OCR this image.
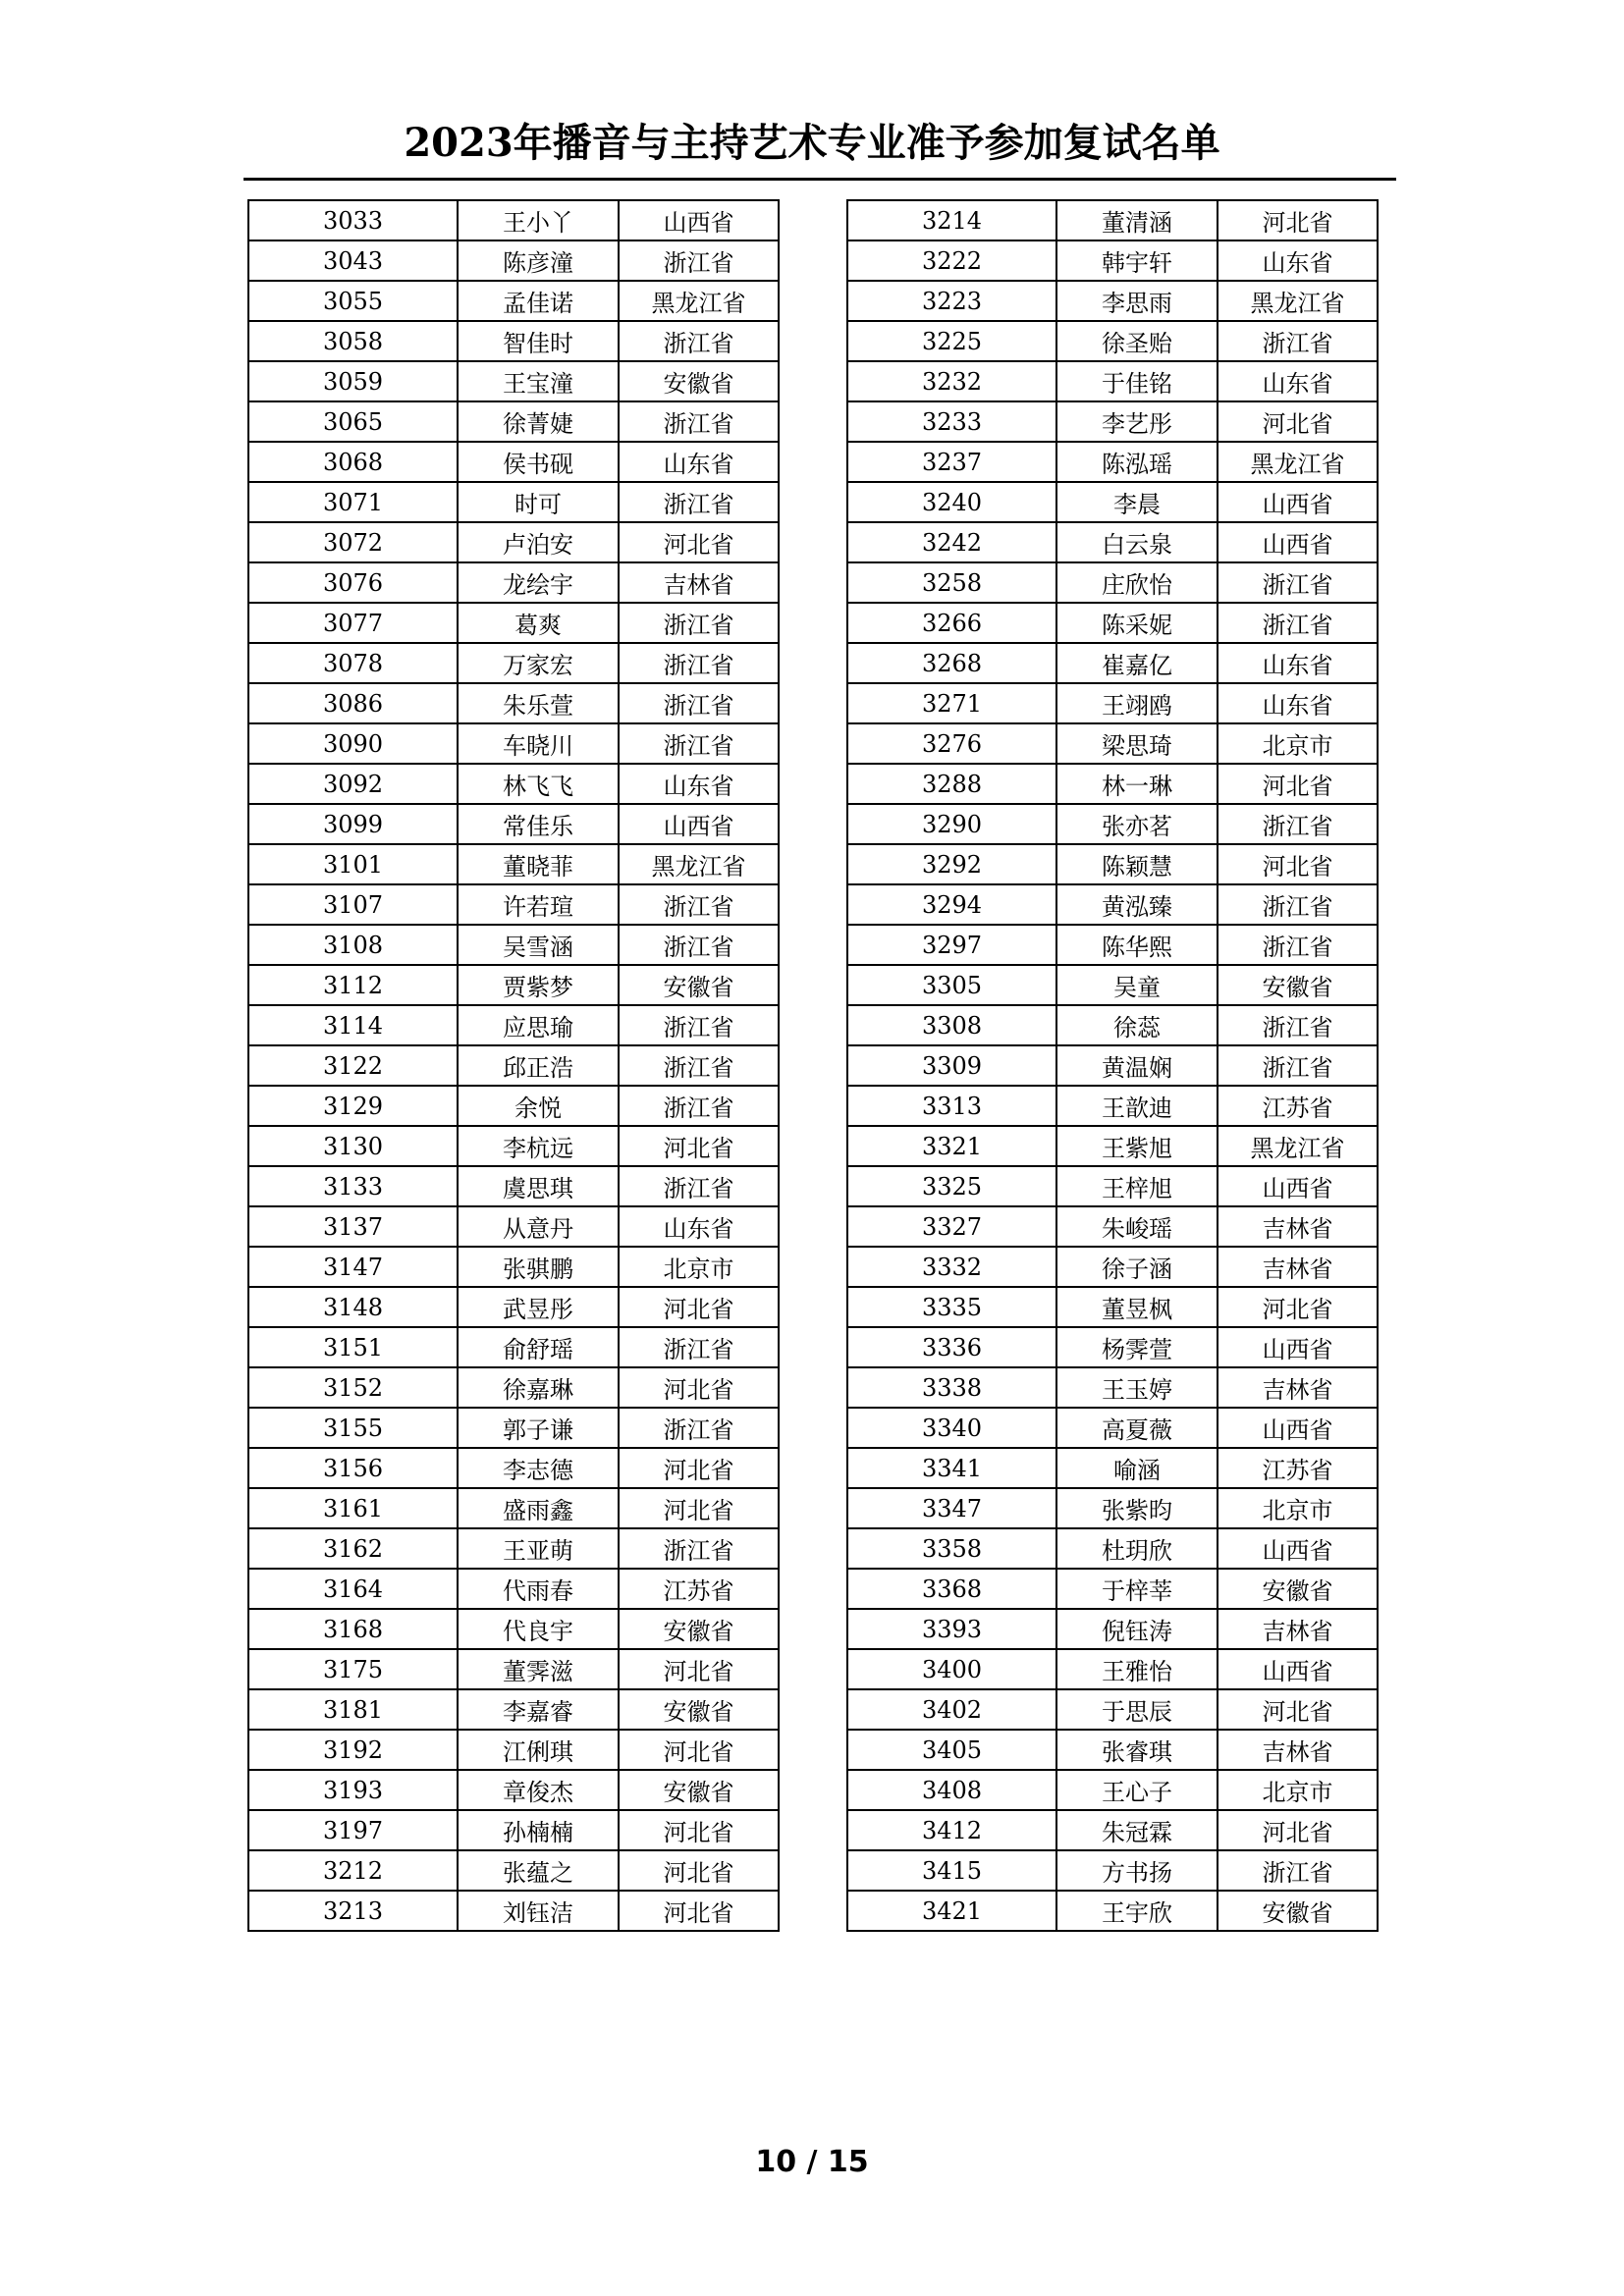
2023年播音与主持艺术专业准予参加复试名单
3033	王小丫	山西省
3043	陈彦潼	浙江省
3055	孟佳诺	黑龙江省
3058	智佳时	浙江省
3059	王宝潼	安徽省
3065	徐菁婕	浙江省
3068	侯书砚	山东省
3071	时可	浙江省
3072	卢泊安	河北省
3076	龙绘宇	吉林省
3077	葛爽	浙江省
3078	万家宏	浙江省
3086	朱乐萱	浙江省
3090	车晓川	浙江省
3092	林飞飞	山东省
3099	常佳乐	山西省
3101	董晓菲	黑龙江省
3107	许若瑄	浙江省
3108	吴雪涵	浙江省
3112	贾紫梦	安徽省
3114	应思瑜	浙江省
3122	邱正浩	浙江省
3129	余悦	浙江省
3130	李杭远	河北省
3133	虞思琪	浙江省
3137	从意丹	山东省
3147	张骐鹏	北京市
3148	武昱彤	河北省
3151	俞舒瑶	浙江省
3152	徐嘉琳	河北省
3155	郭子谦	浙江省
3156	李志德	河北省
3161	盛雨鑫	河北省
3162	王亚萌	浙江省
3164	代雨春	江苏省
3168	代良宇	安徽省
3175	董霁滋	河北省
3181	李嘉睿	安徽省
3192	江俐琪	河北省
3193	章俊杰	安徽省
3197	孙楠楠	河北省
3212	张蕴之	河北省
3213	刘钰洁	河北省
3214	董清涵	河北省
3222	韩宇轩	山东省
3223	李思雨	黑龙江省
3225	徐圣贻	浙江省
3232	于佳铭	山东省
3233	李艺彤	河北省
3237	陈泓瑶	黑龙江省
3240	李晨	山西省
3242	白云泉	山西省
3258	庄欣怡	浙江省
3266	陈采妮	浙江省
3268	崔嘉亿	山东省
3271	王翊鸥	山东省
3276	梁思琦	北京市
3288	林一琳	河北省
3290	张亦茗	浙江省
3292	陈颖慧	河北省
3294	黄泓臻	浙江省
3297	陈华熙	浙江省
3305	吴童	安徽省
3308	徐蕊	浙江省
3309	黄温娴	浙江省
3313	王歆迪	江苏省
3321	王紫旭	黑龙江省
3325	王梓旭	山西省
3327	朱峻瑶	吉林省
3332	徐子涵	吉林省
3335	董昱枫	河北省
3336	杨霁萱	山西省
3338	王玉婷	吉林省
3340	高夏薇	山西省
3341	喻涵	江苏省
3347	张紫昀	北京市
3358	杜玥欣	山西省
3368	于梓莘	安徽省
3393	倪钰涛	吉林省
3400	王雅怡	山西省
3402	于思辰	河北省
3405	张睿琪	吉林省
3408	王心子	北京市
3412	朱冠霖	河北省
3415	方书扬	浙江省
3421	王宇欣	安徽省
10 / 15
